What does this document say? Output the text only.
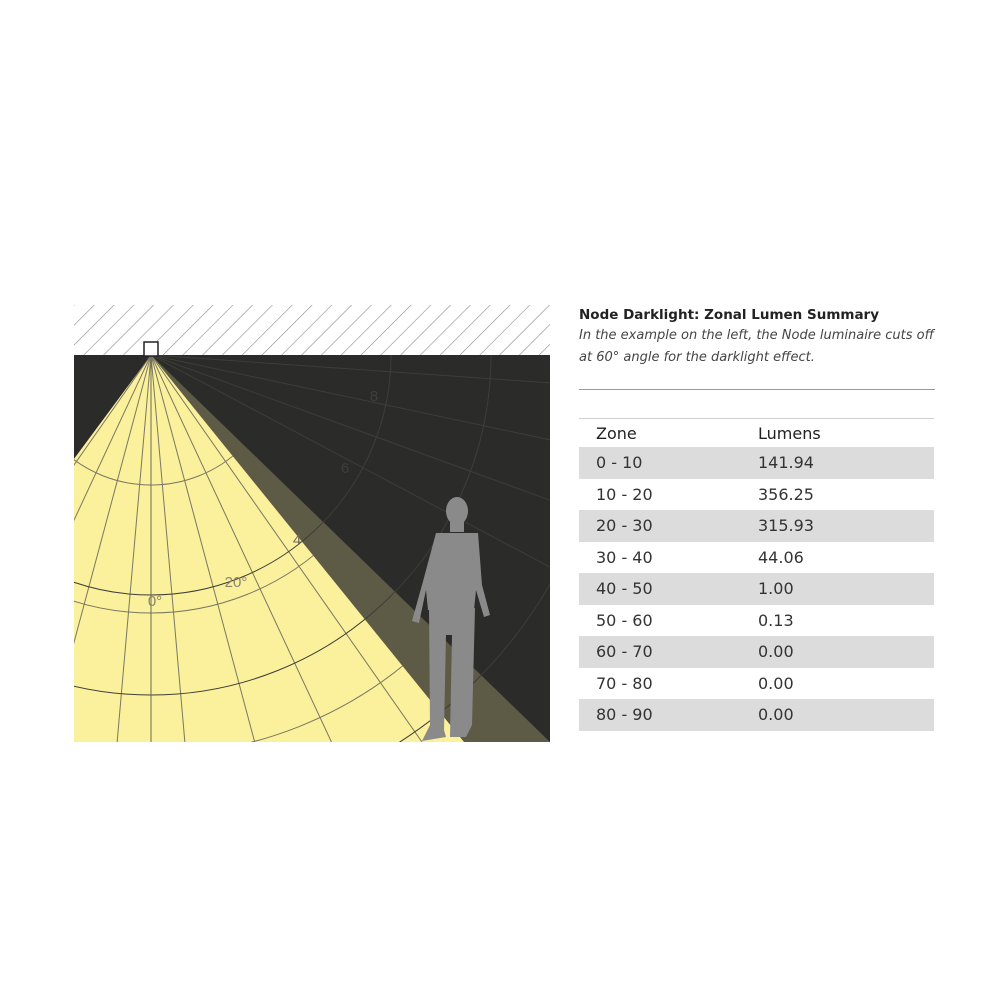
0°
20°
4
6
8
Node Darklight: Zonal Lumen Summary
In the example on the left, the Node luminaire cuts off at 60° angle for the darklight effect.
Zone	Lumens
0 - 10	141.94
10 - 20	356.25
20 - 30	315.93
30 - 40	44.06
40 - 50	1.00
50 - 60	0.13
60 - 70	0.00
70 - 80	0.00
80 - 90	0.00
